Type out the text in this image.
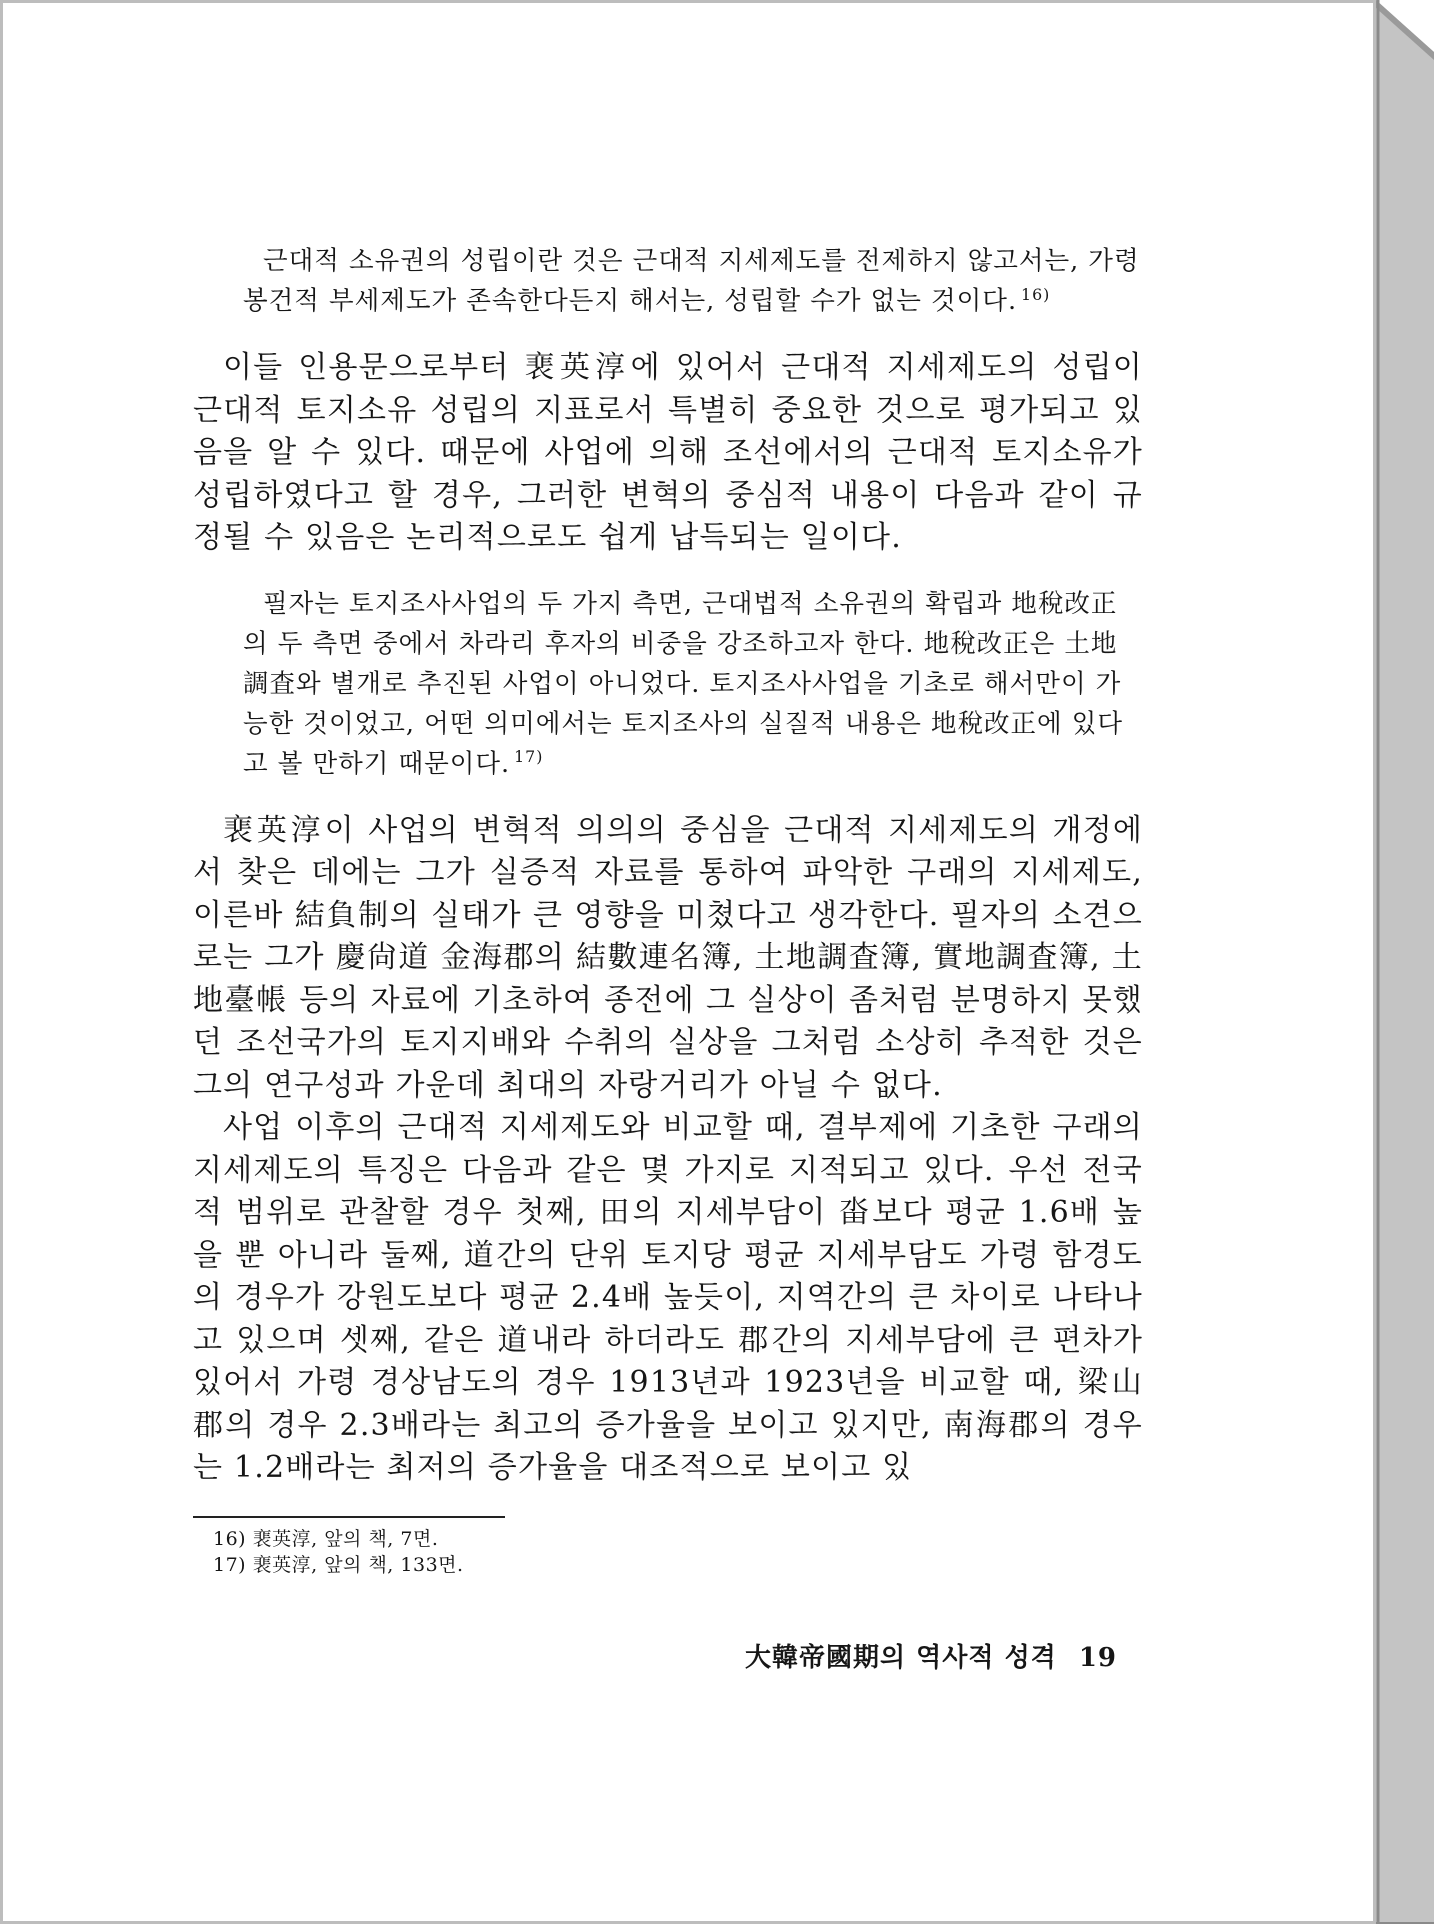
근대적 소유권의 성립이란 것은 근대적 지세제도를 전제하지 않고서는, 가령 봉건적 부세제도가 존속한다든지 해서는, 성립할 수가 없는 것이다. $^{16)}$

이들 인용문으로부터 裵英淳에 있어서 근대적 지세제도의 성립이 근대적 토지소유 성립의 지표로서 특별히 중요한 것으로 평가되고 있음을 알 수 있다. 때문에 사업에 의해 조선에서의 근대적 토지소유가 성립하였다고 할 경우, 그러한 변혁의 중심적 내용이 다음과 같이 규정될 수 있음은 논리적으로도 쉽게 납득되는 일이다.

필자는 토지조사사업의 두 가지 측면, 근대법적 소유권의 확립과 地稅改正의 두 측면 중에서 차라리 후자의 비중을 강조하고자 한다. 地稅改正은 土地調査와 별개로 추진된 사업이 아니었다. 토지조사사업을 기초로 해서만이 가능한 것이었고, 어떤 의미에서는 토지조사의 실질적 내용은 地稅改正에 있다고 볼 만하기 때문이다. $^{17)}$

裵英淳이 사업의 변혁적 의의의 중심을 근대적 지세제도의 개정에서 찾은 데에는 그가 실증적 자료를 통하여 파악한 구래의 지세제도, 이른바 結負制의 실태가 큰 영향을 미쳤다고 생각한다. 필자의 소견으로는 그가 慶尙道 金海郡의 結數連名簿, 土地調査簿, 實地調査簿, 土地臺帳 등의 자료에 기초하여 종전에 그 실상이 좀처럼 분명하지 못했던 조선국가의 토지지배와 수취의 실상을 그처럼 소상히 추적한 것은 그의 연구성과 가운데 최대의 자랑거리가 아닐 수 없다.

사업 이후의 근대적 지세제도와 비교할 때, 결부제에 기초한 구래의 지세제도의 특징은 다음과 같은 몇 가지로 지적되고 있다. 우선 전국적 범위로 관찰할 경우 첫째, 田의 지세부담이 畓보다 평균 1.6배 높을 뿐 아니라 둘째, 道간의 단위 토지당 평균 지세부담도 가령 함경도의 경우가 강원도보다 평균 2.4배 높듯이, 지역간의 큰 차이로 나타나고 있으며 셋째, 같은 道내라 하더라도 郡간의 지세부담에 큰 편차가 있어서 가령 경상남도의 경우 1913년과 1923년을 비교할 때, 梁山郡의 경우 2.3배라는 최고의 증가율을 보이고 있지만, 南海郡의 경우는 1.2배라는 최저의 증가율을 대조적으로 보이고 있

16) 裵英淳, 앞의 책, 7면.
17) 裵英淳, 앞의 책, 133면.
大韓帝國期의 역사적 성격 19
